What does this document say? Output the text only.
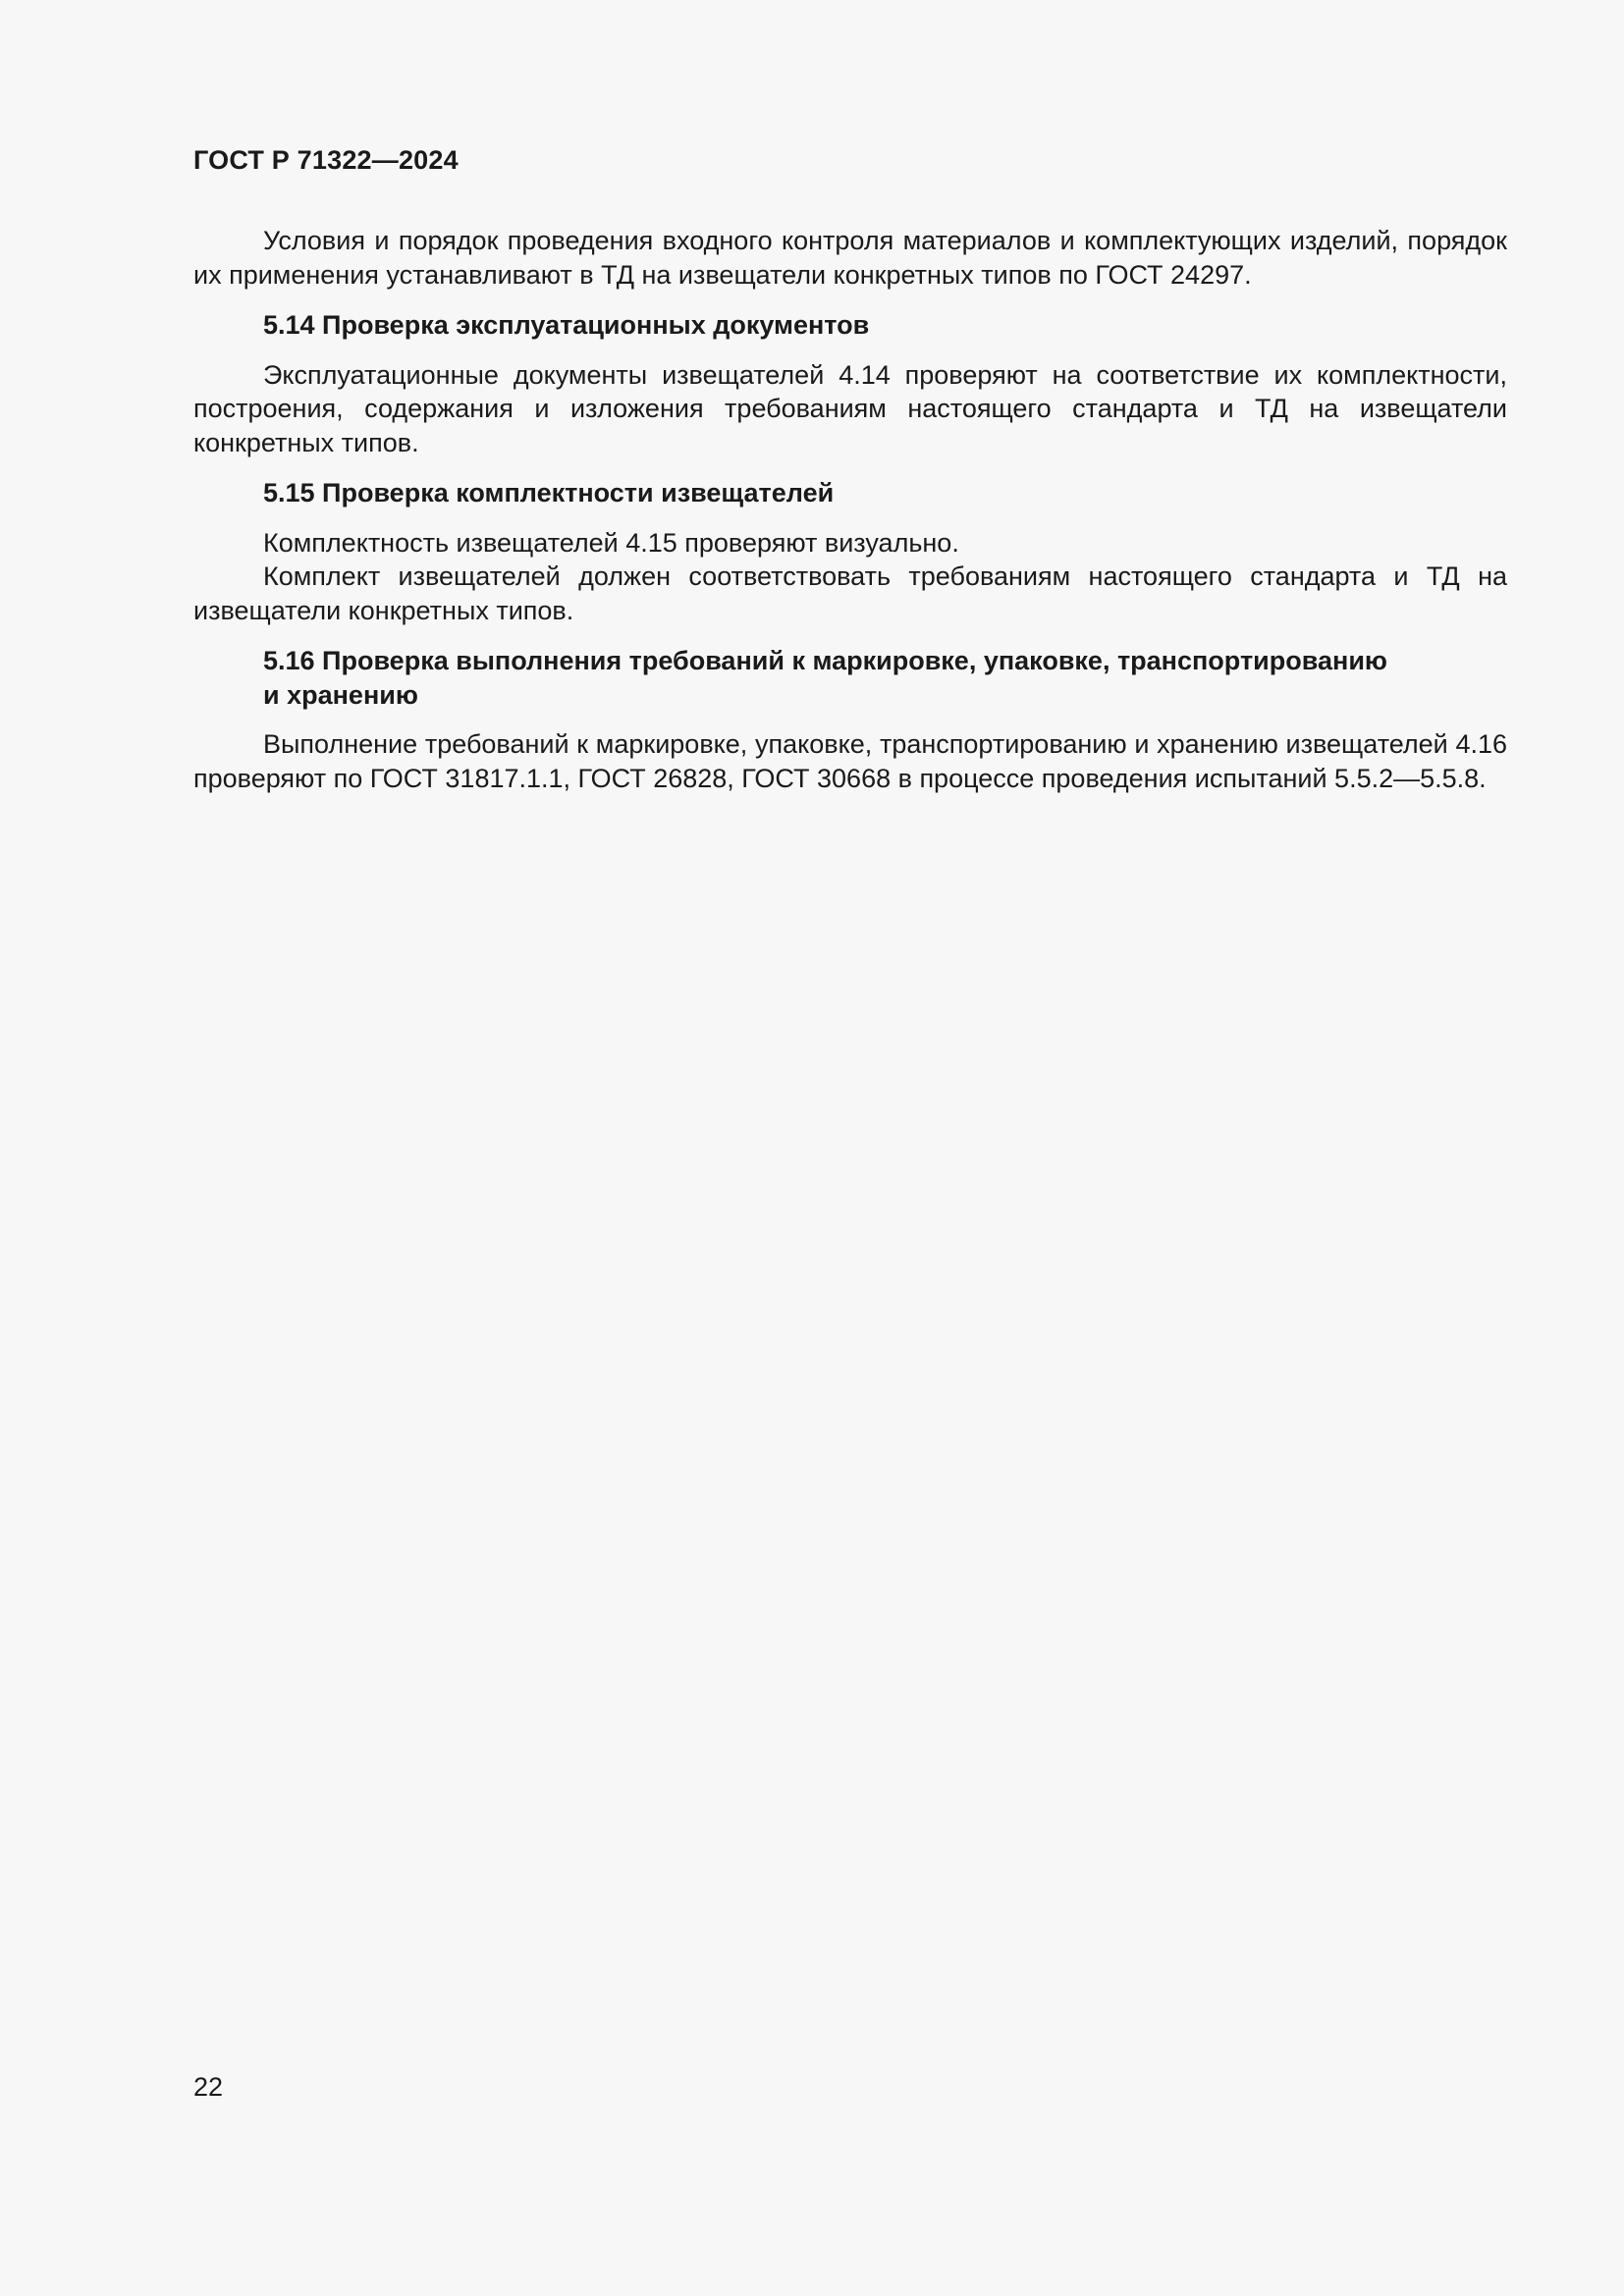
ГОСТ Р 71322—2024

Условия и порядок проведения входного контроля материалов и комплектующих изделий, порядок их применения устанавливают в ТД на извещатели конкретных типов по ГОСТ 24297.

5.14 Проверка эксплуатационных документов

Эксплуатационные документы извещателей 4.14 проверяют на соответствие их комплектности, построения, содержания и изложения требованиям настоящего стандарта и ТД на извещатели конкретных типов.

5.15 Проверка комплектности извещателей

Комплектность извещателей 4.15 проверяют визуально.

Комплект извещателей должен соответствовать требованиям настоящего стандарта и ТД на извещатели конкретных типов.

5.16 Проверка выполнения требований к маркировке, упаковке, транспортированию
и хранению

Выполнение требований к маркировке, упаковке, транспортированию и хранению извещателей 4.16 проверяют по ГОСТ 31817.1.1, ГОСТ 26828, ГОСТ 30668 в процессе проведения испытаний 5.5.2—5.5.8.

22
